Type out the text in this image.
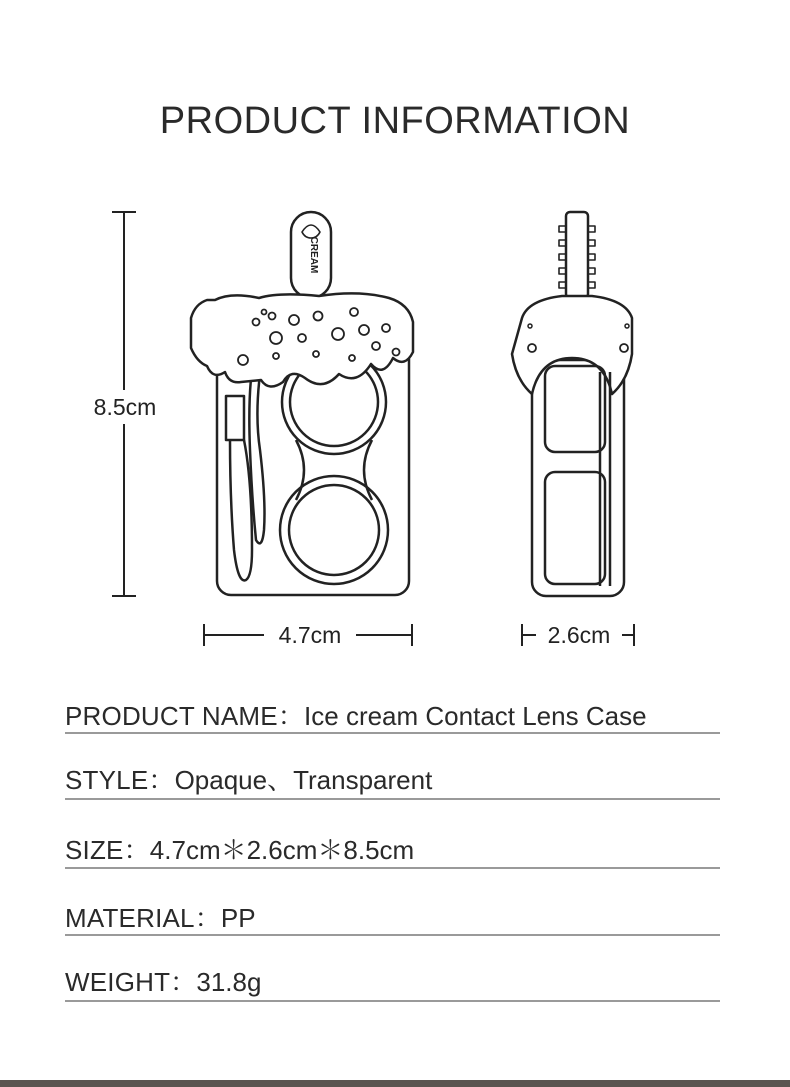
PRODUCT INFORMATION
8.5cm
CREAM
4.7cm	2.6cm
PRODUCT NAME：Ice cream Contact Lens Case
STYLE：Opaque、Transparent
SIZE：4.7cm＊2.6cm＊8.5cm
MATERIAL：PP
WEIGHT：31.8g
